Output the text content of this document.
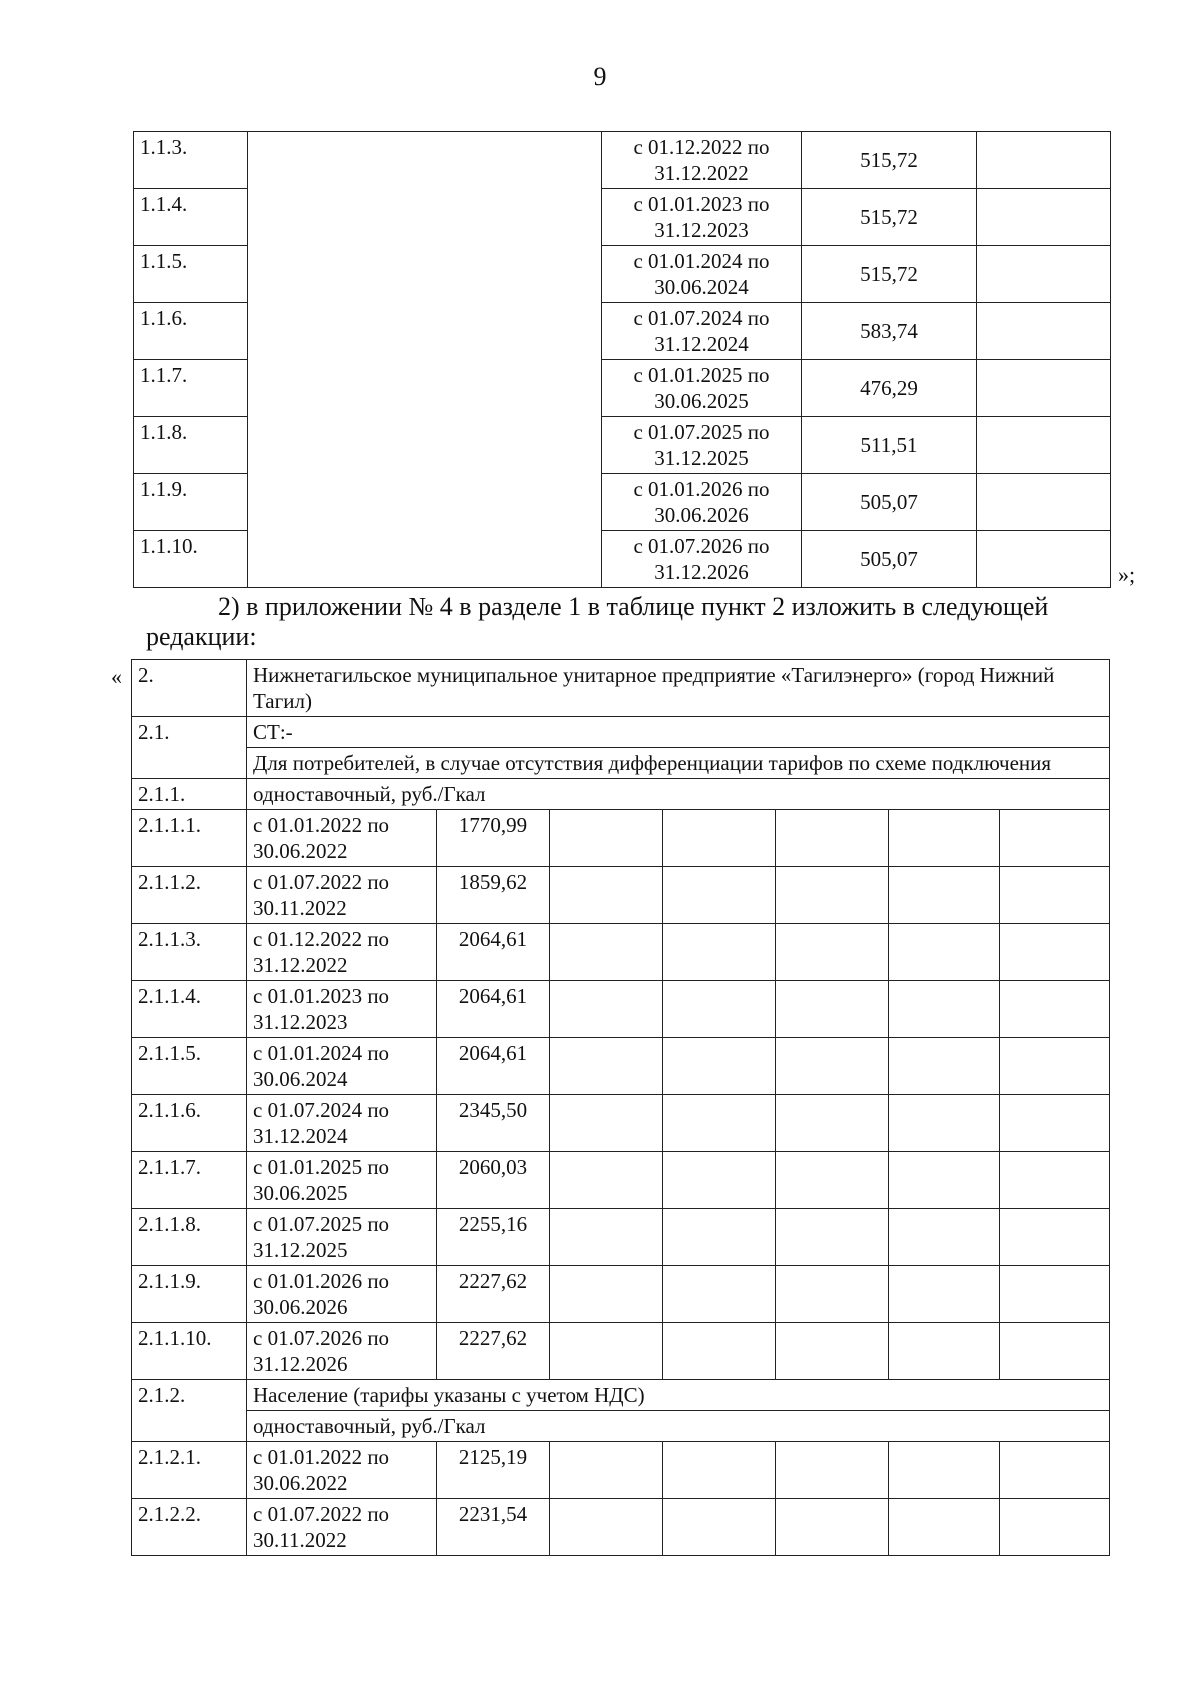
9
1.1.3.		с 01.12.2022 по 31.12.2022	515,72	
1.1.4.		с 01.01.2023 по 31.12.2023	515,72	
1.1.5.		с 01.01.2024 по 30.06.2024	515,72	
1.1.6.		с 01.07.2024 по 31.12.2024	583,74	
1.1.7.		с 01.01.2025 по 30.06.2025	476,29	
1.1.8.		с 01.07.2025 по 31.12.2025	511,51	
1.1.9.		с 01.01.2026 по 30.06.2026	505,07	
1.1.10.		с 01.07.2026 по 31.12.2026	505,07	
»;
2) в приложении № 4 в разделе 1 в таблице пункт 2 изложить в следующей редакции:
« 2.	Нижнетагильское муниципальное унитарное предприятие «Тагилэнерго» (город Нижний Тагил)						
2.1.	СТ:-						
	Для потребителей, в случае отсутствия дифференциации тарифов по схеме подключения						
2.1.1.	одноставочный, руб./Гкал						
2.1.1.1.	с 01.01.2022 по 30.06.2022	1770,99					
2.1.1.2.	с 01.07.2022 по 30.11.2022	1859,62					
2.1.1.3.	с 01.12.2022 по 31.12.2022	2064,61					
2.1.1.4.	с 01.01.2023 по 31.12.2023	2064,61					
2.1.1.5.	с 01.01.2024 по 30.06.2024	2064,61					
2.1.1.6.	с 01.07.2024 по 31.12.2024	2345,50					
2.1.1.7.	с 01.01.2025 по 30.06.2025	2060,03					
2.1.1.8.	с 01.07.2025 по 31.12.2025	2255,16					
2.1.1.9.	с 01.01.2026 по 30.06.2026	2227,62					
2.1.1.10.	с 01.07.2026 по 31.12.2026	2227,62					
2.1.2.	Население (тарифы указаны с учетом НДС)						
	одноставочный, руб./Гкал						
2.1.2.1.	с 01.01.2022 по 30.06.2022	2125,19					
2.1.2.2.	с 01.07.2022 по 30.11.2022	2231,54					
